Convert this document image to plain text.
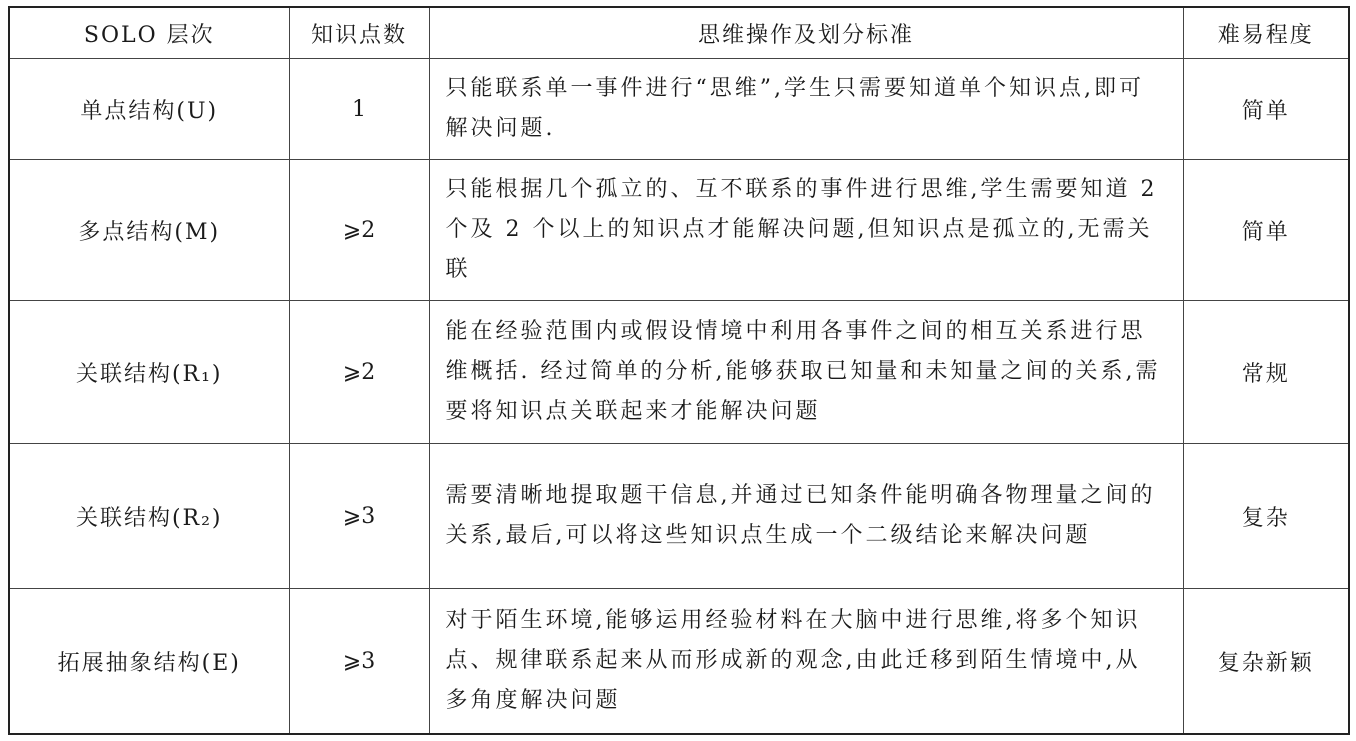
SOLO 层次	知识点数	思维操作及划分标准	难易程度
单点结构(U)	1	只能联系单一事件进行“思维”,学生只需要知道单个知识点,即可解决问题.	简单
多点结构(M)	⩾2	只能根据几个孤立的、互不联系的事件进行思维,学生需要知道 2 个及 2 个以上的知识点才能解决问题,但知识点是孤立的,无需关联	简单
关联结构(R₁)	⩾2	能在经验范围内或假设情境中利用各事件之间的相互关系进行思维概括. 经过简单的分析,能够获取已知量和未知量之间的关系,需要将知识点关联起来才能解决问题	常规
关联结构(R₂)	⩾3	需要清晰地提取题干信息,并通过已知条件能明确各物理量之间的关系,最后,可以将这些知识点生成一个二级结论来解决问题	复杂
拓展抽象结构(E)	⩾3	对于陌生环境,能够运用经验材料在大脑中进行思维,将多个知识点、规律联系起来从而形成新的观念,由此迁移到陌生情境中,从多角度解决问题	复杂新颖
